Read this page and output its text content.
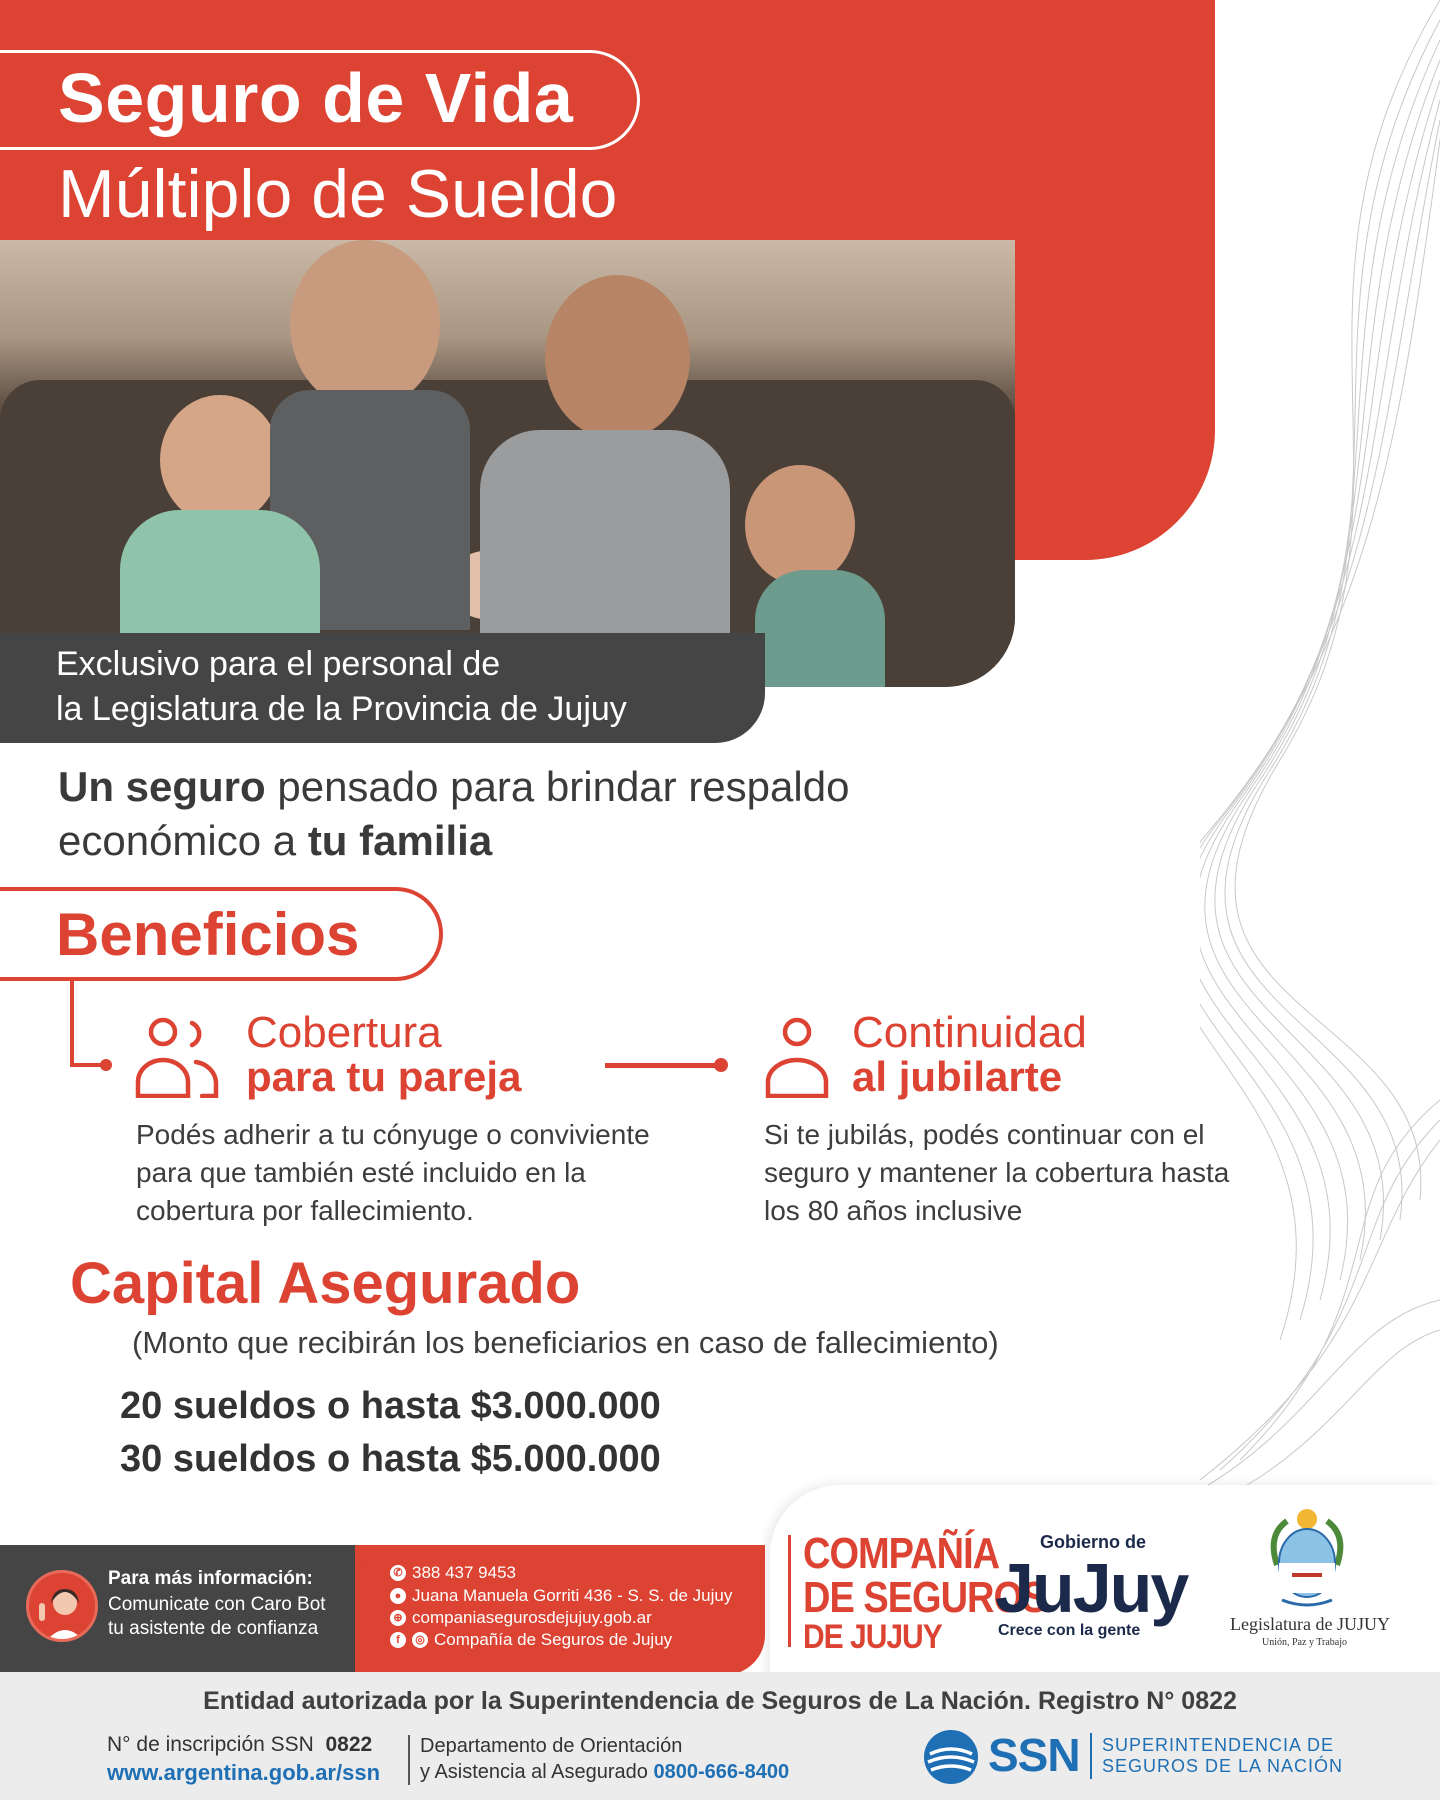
Seguro de Vida
Múltiplo de Sueldo
Exclusivo para el personal de
la Legislatura de la Provincia de Jujuy
Un seguro pensado para brindar respaldo
económico a tu familia
Beneficios
Cobertura
para tu pareja
Podés adherir a tu cónyuge o conviviente
para que también esté incluido en la
cobertura por fallecimiento.
Continuidad
al jubilarte
Si te jubilás, podés continuar con el
seguro y mantener la cobertura hasta
los 80 años inclusive
Capital Asegurado
(Monto que recibirán los beneficiarios en caso de fallecimiento)
20 sueldos o hasta $3.000.000
30 sueldos o hasta $5.000.000
Para más información:
Comunicate con Caro Bot
tu asistente de confianza
✆ 388 437 9453
● Juana Manuela Gorriti 436 - S. S. de Jujuy
⊕ companiasegurosdejujuy.gob.ar
f	◎ Compañía de Seguros de Jujuy
COMPAÑÍA
DE SEGUROS
DE JUJUY
Gobierno de
JuJuy
Crece con la gente	Legislatura de JUJUY
Unión, Paz y Trabajo
Entidad autorizada por la Superintendencia de Seguros de La Nación. Registro N° 0822
N° de inscripción SSN 0822
www.argentina.gob.ar/ssn
Departamento de Orientación
y Asistencia al Asegurado 0800-666-8400	SSN SUPERINTENDENCIA DE
SEGUROS DE LA NACIÓN
